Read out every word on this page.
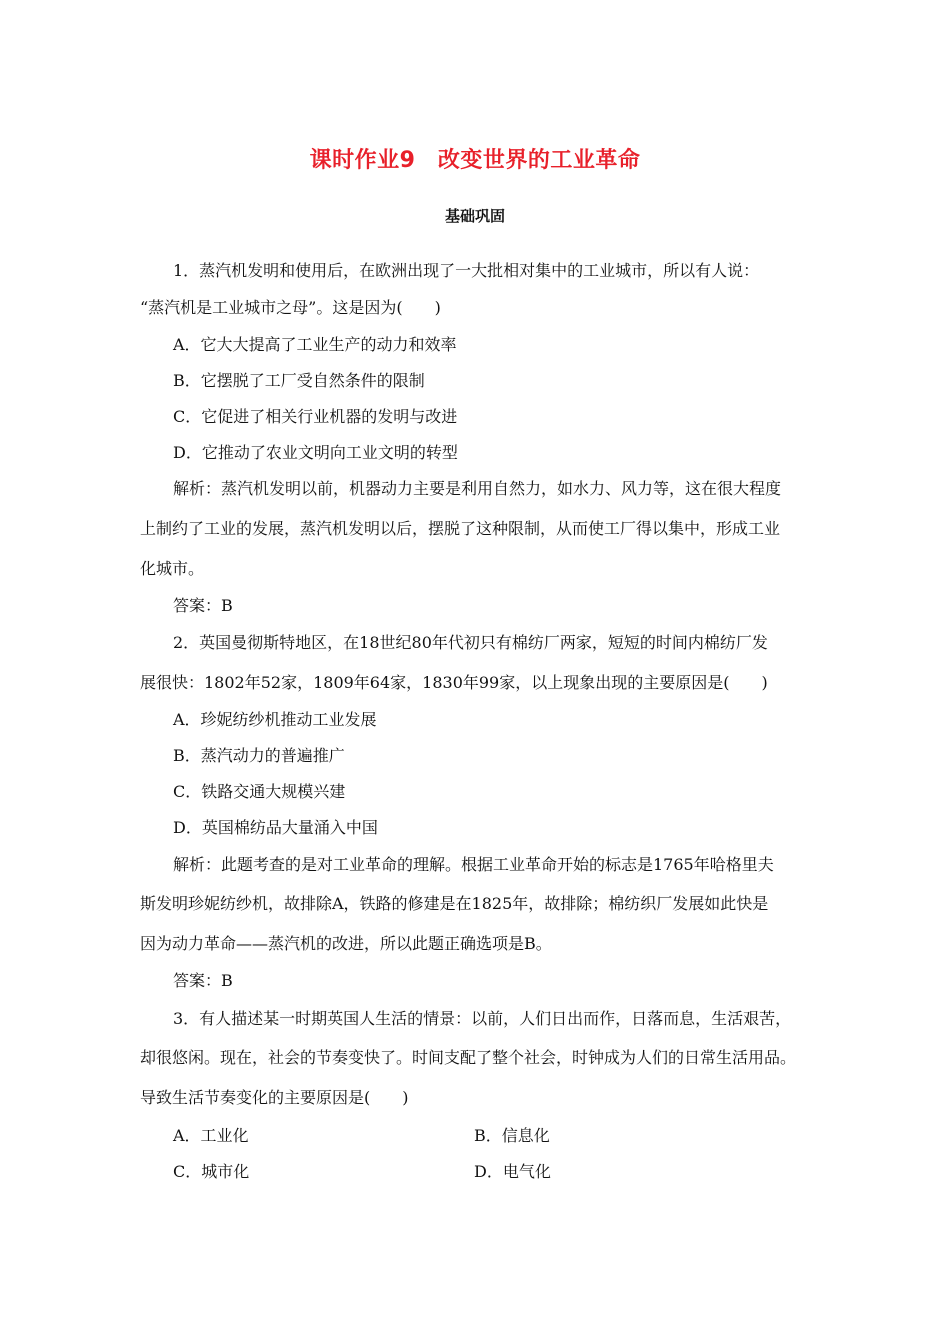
课时作业9　改变世界的工业革命
基础巩固
1．蒸汽机发明和使用后，在欧洲出现了一大批相对集中的工业城市，所以有人说：
“蒸汽机是工业城市之母”。这是因为(　　)
A．它大大提高了工业生产的动力和效率
B．它摆脱了工厂受自然条件的限制
C．它促进了相关行业机器的发明与改进
D．它推动了农业文明向工业文明的转型
解析：蒸汽机发明以前，机器动力主要是利用自然力，如水力、风力等，这在很大程度
上制约了工业的发展，蒸汽机发明以后，摆脱了这种限制，从而使工厂得以集中，形成工业
化城市。
答案：B
2．英国曼彻斯特地区，在18世纪80年代初只有棉纺厂两家，短短的时间内棉纺厂发
展很快：1802年52家，1809年64家，1830年99家，以上现象出现的主要原因是(　　)
A．珍妮纺纱机推动工业发展
B．蒸汽动力的普遍推广
C．铁路交通大规模兴建
D．英国棉纺品大量涌入中国
解析：此题考查的是对工业革命的理解。根据工业革命开始的标志是1765年哈格里夫
斯发明珍妮纺纱机，故排除A，铁路的修建是在1825年，故排除；棉纺织厂发展如此快是
因为动力革命——蒸汽机的改进，所以此题正确选项是B。
答案：B
3．有人描述某一时期英国人生活的情景：以前，人们日出而作，日落而息，生活艰苦，
却很悠闲。现在，社会的节奏变快了。时间支配了整个社会，时钟成为人们的日常生活用品。
导致生活节奏变化的主要原因是(　　)
A．工业化	B．信息化
C．城市化	D．电气化
